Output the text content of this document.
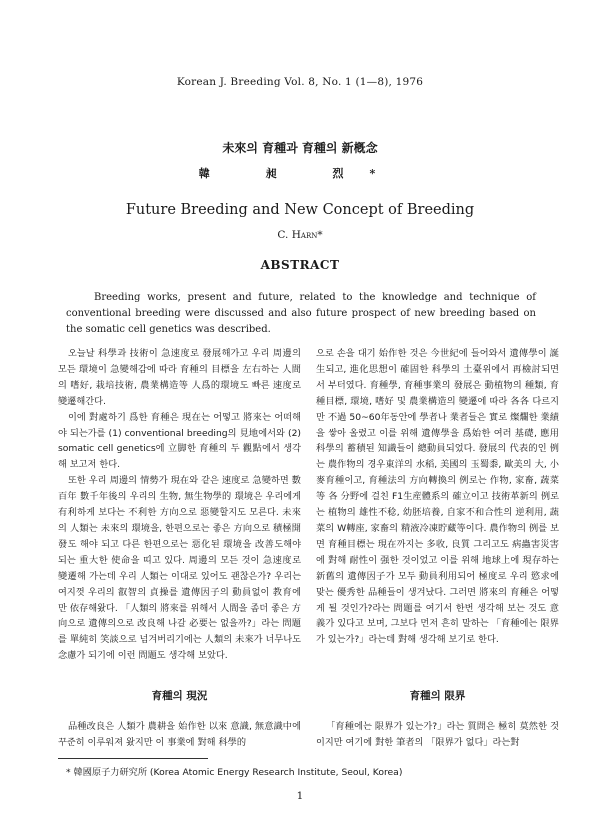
Korean J. Breeding Vol. 8, No. 1 (1—8), 1976
未來의 育種과 育種의 新槪念
韓 昶 烈*
Future Breeding and New Concept of Breeding
C. Harn*
ABSTRACT

Breeding works, present and future, related to the knowledge and technique of conventional breeding were discussed and also future prospect of new breeding based on the somatic cell genetics was described.

오늘날 科學과 技術이 急速度로 發展해가고 우리 周邊의 모든 環境이 急變해감에 따라 育種의 目標을 左右하는 人間의 嗜好, 栽培技術, 農業構造等 人爲的環境도 빠른 速度로 變遷해간다.

이에 對處하기 爲한 育種은 現在는 어떻고 將來는 어떠해야 되는가를 (1) conventional breeding의 見地에서와 (2) somatic cell genetics에 立脚한 育種의 두 觀點에서 생각해 보고저 한다.

또한 우리 周邊의 情勢가 現在와 같은 速度로 急變하면 數百年 數千年後의 우리의 生物, 無生物學的 環境은 우리에게 有利하게 보다는 不利한 方向으로 惡變할지도 모른다. 未來의 人類는 未來의 環境을, 한편으로는 좋은 方向으로 積極開發도 해야 되고 다른 한편으로는 惡化된 環境을 改善도해야 되는 重大한 使命을 띠고 있다. 周邊의 모든 것이 急速度로 變遷해 가는데 우리 人類는 이대로 있어도 괜찮은가? 우리는 여지껏 우리의 叡智의 貞操를 遺傳因子의 動員없이 教育에만 依存해왔다. 「人類의 將來를 위해서 人間을 좀더 좋은 方向으로 遺傳의으로 改良해 나갈 必要는 없을까?」라는 問題를 單純히 笑談으로 넘겨버리기에는 人類의 未來가 너무나도 念慮가 되기에 이런 問題도 생각해 보았다.

으로 손을 대기 始作한 것은 今世紀에 들어와서 遺傳學이 誕生되고, 進化思想이 確固한 科學의 土臺위에서 再檢討되면서 부터였다. 育種學, 育種事業의 發展은 動植物의 種類, 育種目標, 環境, 嗜好 및 農業構造의 變遷에 따라 各各 다르지만 不過 50~60年동안에 學者나 業者들은 實로 燦爛한 業績을 쌓아 올렸고 이를 위해 遺傳學을 爲始한 여러 基礎, 應用科學의 蓄積된 知識들이 總動員되었다. 發展의 代表的인 例는 農作物의 경우東洋의 水稻, 美國의 玉蜀黍, 歐美의 大, 小麥育種이고, 育種法의 方向轉換의 例로는 作物, 家畜, 蔬菜等 各 分野에 걸친 F1生産體系의 確立이고 技術革新의 例로는 植物의 雄性不稔, 幼胚培養, 自家不和合性의 逆利用, 蔬菜의 W轉座, 家畜의 精液冷凍貯藏等이다. 農作物의 例를 보면 育種目標는 現在까지는 多收, 良質 그리고도 病蟲害災害에 對해 耐性이 强한 것이었고 이를 위해 地球上에 現存하는 新舊의 遺傳因子가 모두 動員利用되어 極度로 우리 慾求에 맞는 優秀한 品種들이 생겨났다. 그러면 將來의 育種은 어떻게 될 것인가?라는 問題를 여기서 한번 생각해 보는 것도 意義가 있다고 보며, 그보다 먼저 흔히 말하는 「育種에는 限界가 있는가?」라는데 對해 생각해 보기로 한다.

育種의 現況	育種의 限界

品種改良은 人類가 農耕을 始作한 以來 意識, 無意識中에 꾸준히 이루워져 왔지만 이 事業에 對해 科學的

「育種에는 限界가 있는가?」라는 質問은 極히 莫然한 것이지만 여기에 對한 筆者의 「限界가 없다」라는對

* 韓國原子力研究所 (Korea Atomic Energy Research Institute, Seoul, Korea)
1
